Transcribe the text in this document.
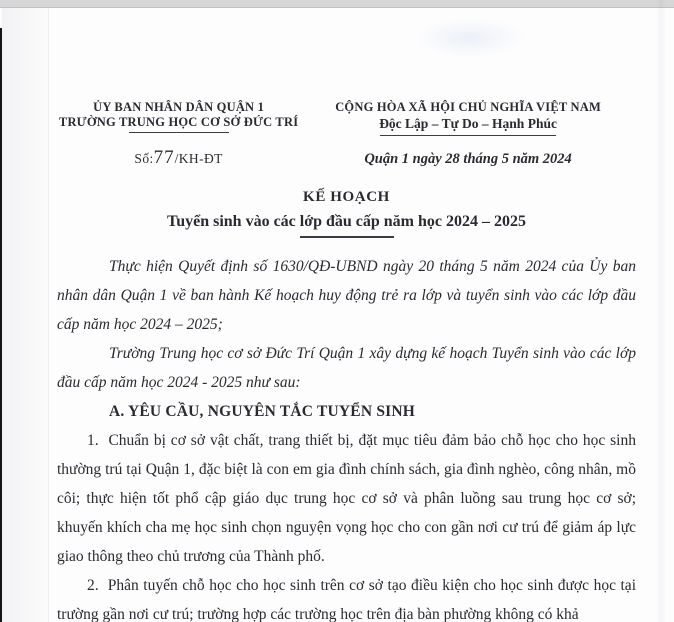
ỦY BAN NHÂN DÂN QUẬN 1
TRƯỜNG TRUNG HỌC CƠ SỞ ĐỨC TRÍ
Số:77/KH-ĐT
CỘNG HÒA XÃ HỘI CHỦ NGHĨA VIỆT NAM
Độc Lập – Tự Do – Hạnh Phúc
Quận 1 ngày 28 tháng 5 năm 2024
KẾ HOẠCH
Tuyển sinh vào các lớp đầu cấp năm học 2024 – 2025

Thực hiện Quyết định số 1630/QĐ-UBND ngày 20 tháng 5 năm 2024 của Ủy ban nhân dân Quận 1 về ban hành Kế hoạch huy động trẻ ra lớp và tuyển sinh vào các lớp đầu cấp năm học 2024 – 2025;

Trường Trung học cơ sở Đức Trí Quận 1 xây dựng kế hoạch Tuyển sinh vào các lớp đầu cấp năm học 2024 - 2025 như sau:

A. YÊU CẦU, NGUYÊN TẮC TUYỂN SINH

1.  Chuẩn bị cơ sở vật chất, trang thiết bị, đặt mục tiêu đảm bảo chỗ học cho học sinh thường trú tại Quận 1, đặc biệt là con em gia đình chính sách, gia đình nghèo, công nhân, mồ côi; thực hiện tốt phổ cập giáo dục trung học cơ sở và phân luồng sau trung học cơ sở; khuyến khích cha mẹ học sinh chọn nguyện vọng học cho con gần nơi cư trú để giảm áp lực giao thông theo chủ trương của Thành phố.

2.  Phân tuyến chỗ học cho học sinh trên cơ sở tạo điều kiện cho học sinh được học tại trường gần nơi cư trú; trường hợp các trường học trên địa bàn phường không có khả
